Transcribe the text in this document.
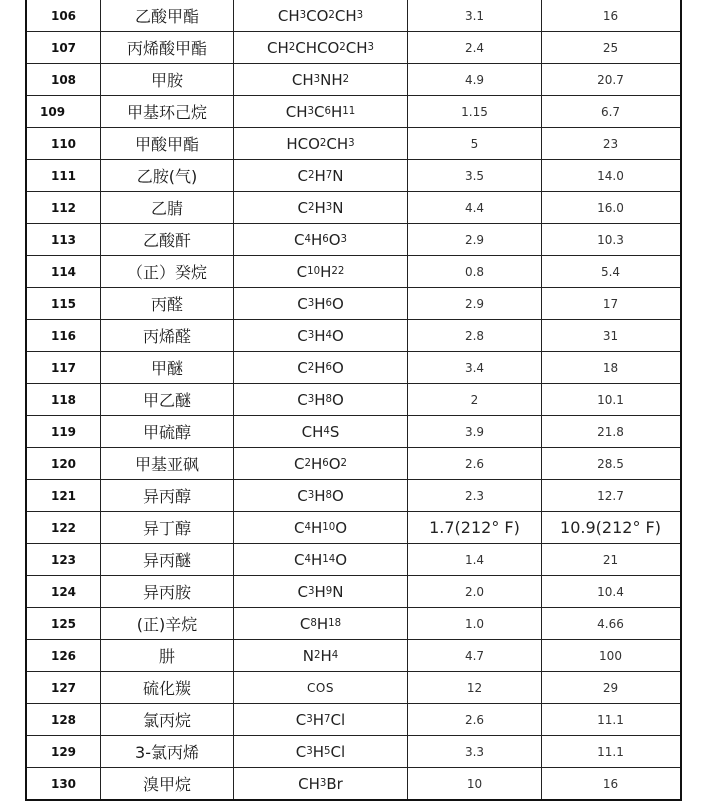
106	乙酸甲酯	CH 3 CO 2 CH 3	3.1	16
107	丙烯酸甲酯	CH 2 CHCO 2 CH 3	2.4	25
108	甲胺	CH 3 NH 2	4.9	20.7
109	甲基环己烷	CH 3 C 6 H 11	1.15	6.7
110	甲酸甲酯	HCO 2 CH 3	5	23
111	乙胺(气)	C 2 H 7 N	3.5	14.0
112	乙腈	C 2 H 3 N	4.4	16.0
113	乙酸酐	C 4 H 6 O 3	2.9	10.3
114	（正）癸烷	C 10 H 22	0.8	5.4
115	丙醛	C 3 H 6 O	2.9	17
116	丙烯醛	C 3 H 4 O	2.8	31
117	甲醚	C 2 H 6 O	3.4	18
118	甲乙醚	C 3 H 8 O	2	10.1
119	甲硫醇	CH 4 S	3.9	21.8
120	甲基亚砜	C 2 H 6 O 2	2.6	28.5
121	异丙醇	C 3 H 8 O	2.3	12.7
122	异丁醇	C 4 H 10 O	1.7(212° F)	10.9(212° F)
123	异丙醚	C 4 H 14 O	1.4	21
124	异丙胺	C 3 H 9 N	2.0	10.4
125	(正)辛烷	C 8 H 18	1.0	4.66
126	肼	N 2 H 4	4.7	100
127	硫化羰	COS	12	29
128	氯丙烷	C 3 H 7 Cl	2.6	11.1
129	3-氯丙烯	C 3 H 5 Cl	3.3	11.1
130	溴甲烷	CH 3 Br	10	16
